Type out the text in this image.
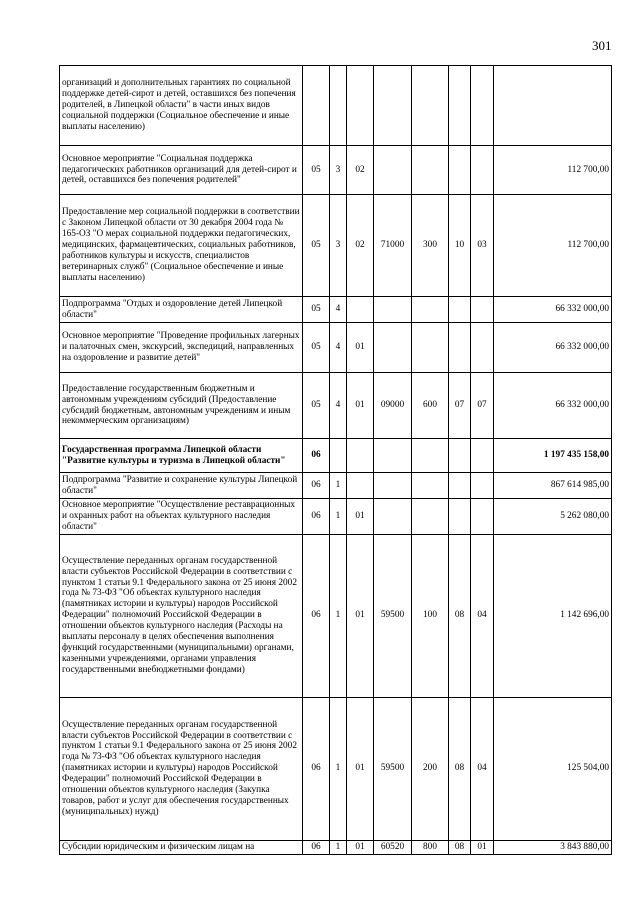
301
организаций и дополнительных гарантиях по социальной поддержке детей-сирот и детей, оставшихся без попечения родителей, в Липецкой области" в части иных видов социальной поддержки (Социальное обеспечение и иные выплаты населению)								
Основное мероприятие "Социальная поддержка педагогических работников организаций для детей-сирот и детей, оставшихся без попечения родителей"	05	3	02					112 700,00
Предоставление мер социальной поддержки в соответствии с Законом Липецкой области от 30 декабря 2004 года № 165-ОЗ "О мерах социальной поддержки педагогических, медицинских, фармацевтических, социальных работников, работников культуры и искусств, специалистов ветеринарных служб" (Социальное обеспечение и иные выплаты населению)	05	3	02	71000	300	10	03	112 700,00
Подпрограмма "Отдых и оздоровление детей Липецкой области"	05	4						66 332 000,00
Основное мероприятие "Проведение профильных лагерных и палаточных смен, экскурсий, экспедиций, направленных на оздоровление и развитие детей"	05	4	01					66 332 000,00
Предоставление государственным бюджетным и автономным учреждениям субсидий (Предоставление субсидий бюджетным, автономным учреждениям и иным некоммерческим организациям)	05	4	01	09000	600	07	07	66 332 000,00
Государственная программа Липецкой области "Развитие культуры и туризма в Липецкой области"	06							1 197 435 158,00
Подпрограмма "Развитие и сохранение культуры Липецкой области"	06	1						867 614 985,00
Основное мероприятие "Осуществление реставрационных и охранных работ на объектах культурного наследия области"	06	1	01					5 262 080,00
Осуществление переданных органам государственной власти субъектов Российской Федерации в соответствии с пунктом 1 статьи 9.1 Федерального закона от 25 июня 2002 года № 73-ФЗ "Об объектах культурного наследия (памятниках истории и культуры) народов Российской Федерации" полномочий Российской Федерации в отношении объектов культурного наследия (Расходы на выплаты персоналу в целях обеспечения выполнения функций государственными (муниципальными) органами, казенными учреждениями, органами управления государственными внебюджетными фондами)	06	1	01	59500	100	08	04	1 142 696,00
Осуществление переданных органам государственной власти субъектов Российской Федерации в соответствии с пунктом 1 статьи 9.1 Федерального закона от 25 июня 2002 года № 73-ФЗ "Об объектах культурного наследия (памятниках истории и культуры) народов Российской Федерации" полномочий Российской Федерации в отношении объектов культурного наследия (Закупка товаров, работ и услуг для обеспечения государственных (муниципальных) нужд)	06	1	01	59500	200	08	04	125 504,00
Субсидии юридическим и физическим лицам на	06	1	01	60520	800	08	01	3 843 880,00
